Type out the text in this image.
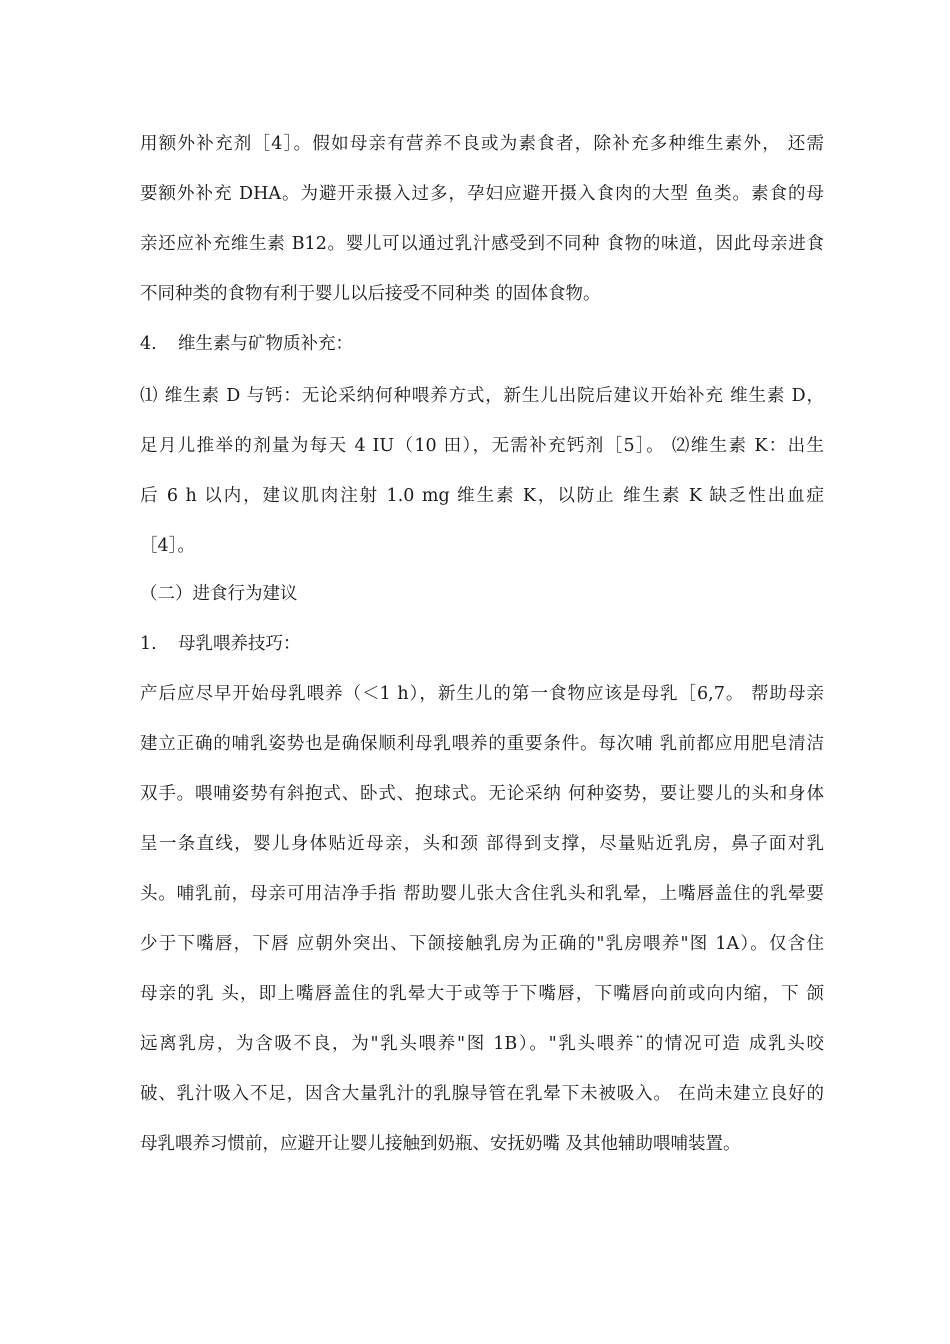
用额外补充剂［4］。假如母亲有营养不良或为素食者，除补充多种维生素外， 还需
要额外补充 DHA。为避开汞摄入过多，孕妇应避开摄入食肉的大型 鱼类。素食的母
亲还应补充维生素 B12。婴儿可以通过乳汁感受到不同种 食物的味道，因此母亲进食
不同种类的食物有利于婴儿以后接受不同种类 的固体食物。
4. 维生素与矿物质补充：
⑴ 维生素 D 与钙：无论采纳何种喂养方式，新生儿出院后建议开始补充 维生素 D，
足月儿推举的剂量为每天 4 IU（10 田），无需补充钙剂［5］。 ⑵维生素 K：出生
后 6 h 以内，建议肌肉注射 1.0 mg 维生素 K，以防止 维生素 K 缺乏性出血症
［4］。
（二）进食行为建议
1. 母乳喂养技巧：
产后应尽早开始母乳喂养（＜1 h），新生儿的第一食物应该是母乳［6,7。 帮助母亲
建立正确的哺乳姿势也是确保顺利母乳喂养的重要条件。每次哺 乳前都应用肥皂清洁
双手。喂哺姿势有斜抱式、卧式、抱球式。无论采纳 何种姿势，要让婴儿的头和身体
呈一条直线，婴儿身体贴近母亲，头和颈 部得到支撑，尽量贴近乳房，鼻子面对乳
头。哺乳前，母亲可用洁净手指 帮助婴儿张大含住乳头和乳晕，上嘴唇盖住的乳晕要
少于下嘴唇，下唇 应朝外突出、下颌接触乳房为正确的"乳房喂养"图 1A）。仅含住
母亲的乳 头，即上嘴唇盖住的乳晕大于或等于下嘴唇，下嘴唇向前或向内缩，下 颌
远离乳房，为含吸不良，为"乳头喂养"图 1B）。"乳头喂养¨的情况可造 成乳头咬
破、乳汁吸入不足，因含大量乳汁的乳腺导管在乳晕下未被吸入。 在尚未建立良好的
母乳喂养习惯前，应避开让婴儿接触到奶瓶、安抚奶嘴 及其他辅助喂哺装置。
